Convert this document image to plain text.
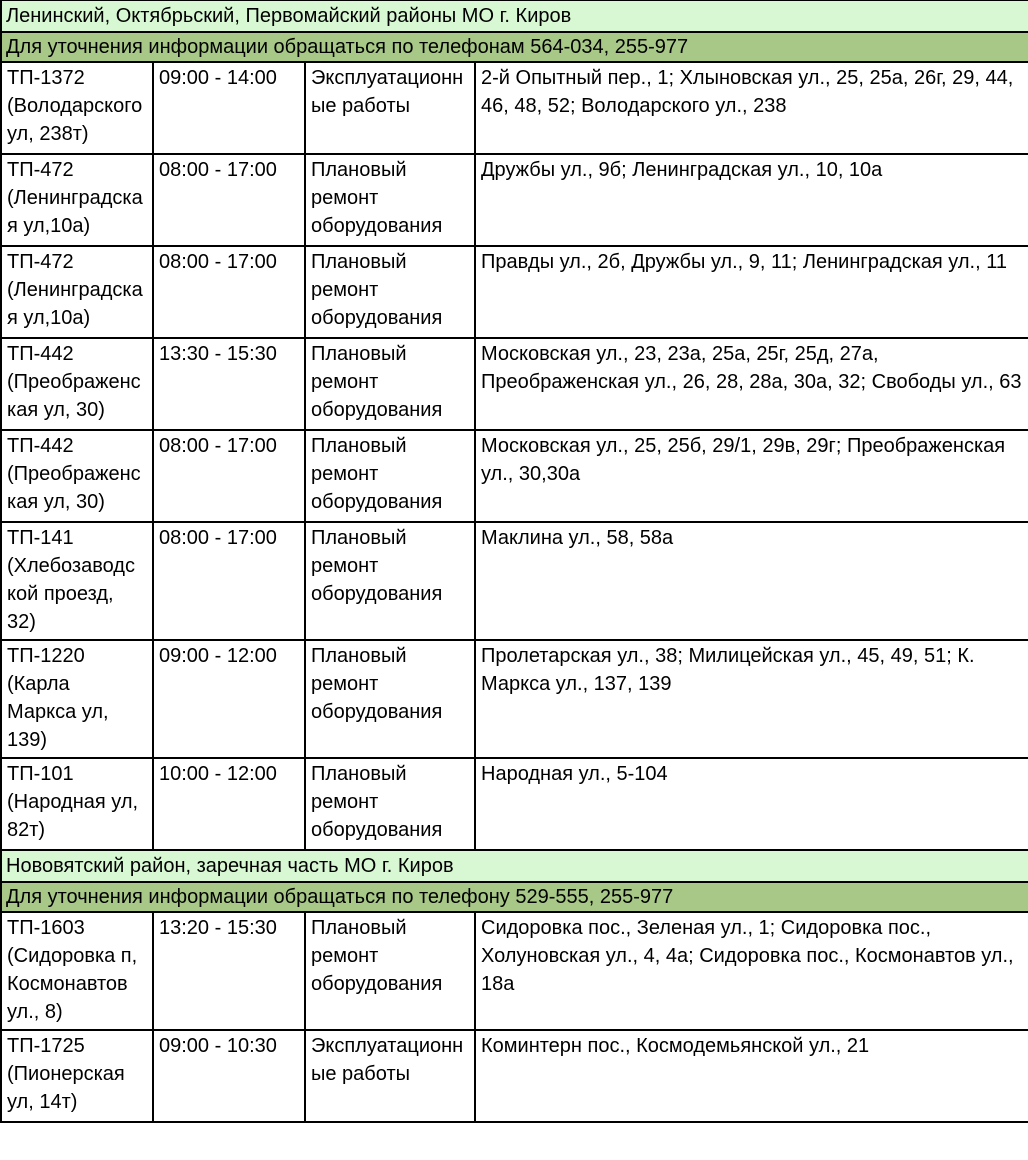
Ленинский, Октябрьский, Первомайский районы МО г. Киров			
Для уточнения информации обращаться по телефонам 564-034, 255-977			
ТП-1372 (Володарского ул, 238т)	09:00 - 14:00	Эксплуатационные работы	2-й Опытный пер., 1; Хлыновская ул., 25, 25а, 26г, 29, 44, 46, 48, 52; Володарского ул., 238
ТП-472 (Ленинградская ул,10а)	08:00 - 17:00	Плановый ремонт оборудования	Дружбы ул., 9б; Ленинградская ул., 10, 10а
ТП-472 (Ленинградская ул,10а)	08:00 - 17:00	Плановый ремонт оборудования	Правды ул., 2б, Дружбы ул., 9, 11; Ленинградская ул., 11
ТП-442 (Преображенская ул, 30)	13:30 - 15:30	Плановый ремонт оборудования	Московская ул., 23, 23а, 25а, 25г, 25д, 27а, Преображенская ул., 26, 28, 28а, 30а, 32; Свободы ул., 63
ТП-442 (Преображенская ул, 30)	08:00 - 17:00	Плановый ремонт оборудования	Московская ул., 25, 25б, 29/1, 29в, 29г; Преображенская ул., 30,30а
ТП-141 (Хлебозаводской проезд, 32)	08:00 - 17:00	Плановый ремонт оборудования	Маклина ул., 58, 58а
ТП-1220 (Карла Маркса ул, 139)	09:00 - 12:00	Плановый ремонт оборудования	Пролетарская ул., 38; Милицейская ул., 45, 49, 51; К. Маркса ул., 137, 139
ТП-101 (Народная ул, 82т)	10:00 - 12:00	Плановый ремонт оборудования	Народная ул., 5-104
Нововятский район, заречная часть МО г. Киров			
Для уточнения информации обращаться по телефону 529-555, 255-977			
ТП-1603 (Сидоровка п, Космонавтов ул., 8)	13:20 - 15:30	Плановый ремонт оборудования	Сидоровка пос., Зеленая ул., 1; Сидоровка пос., Холуновская ул., 4, 4а; Сидоровка пос., Космонавтов ул., 18а
ТП-1725 (Пионерская ул, 14т)	09:00 - 10:30	Эксплуатационные работы	Коминтерн пос., Космодемьянской ул., 21
